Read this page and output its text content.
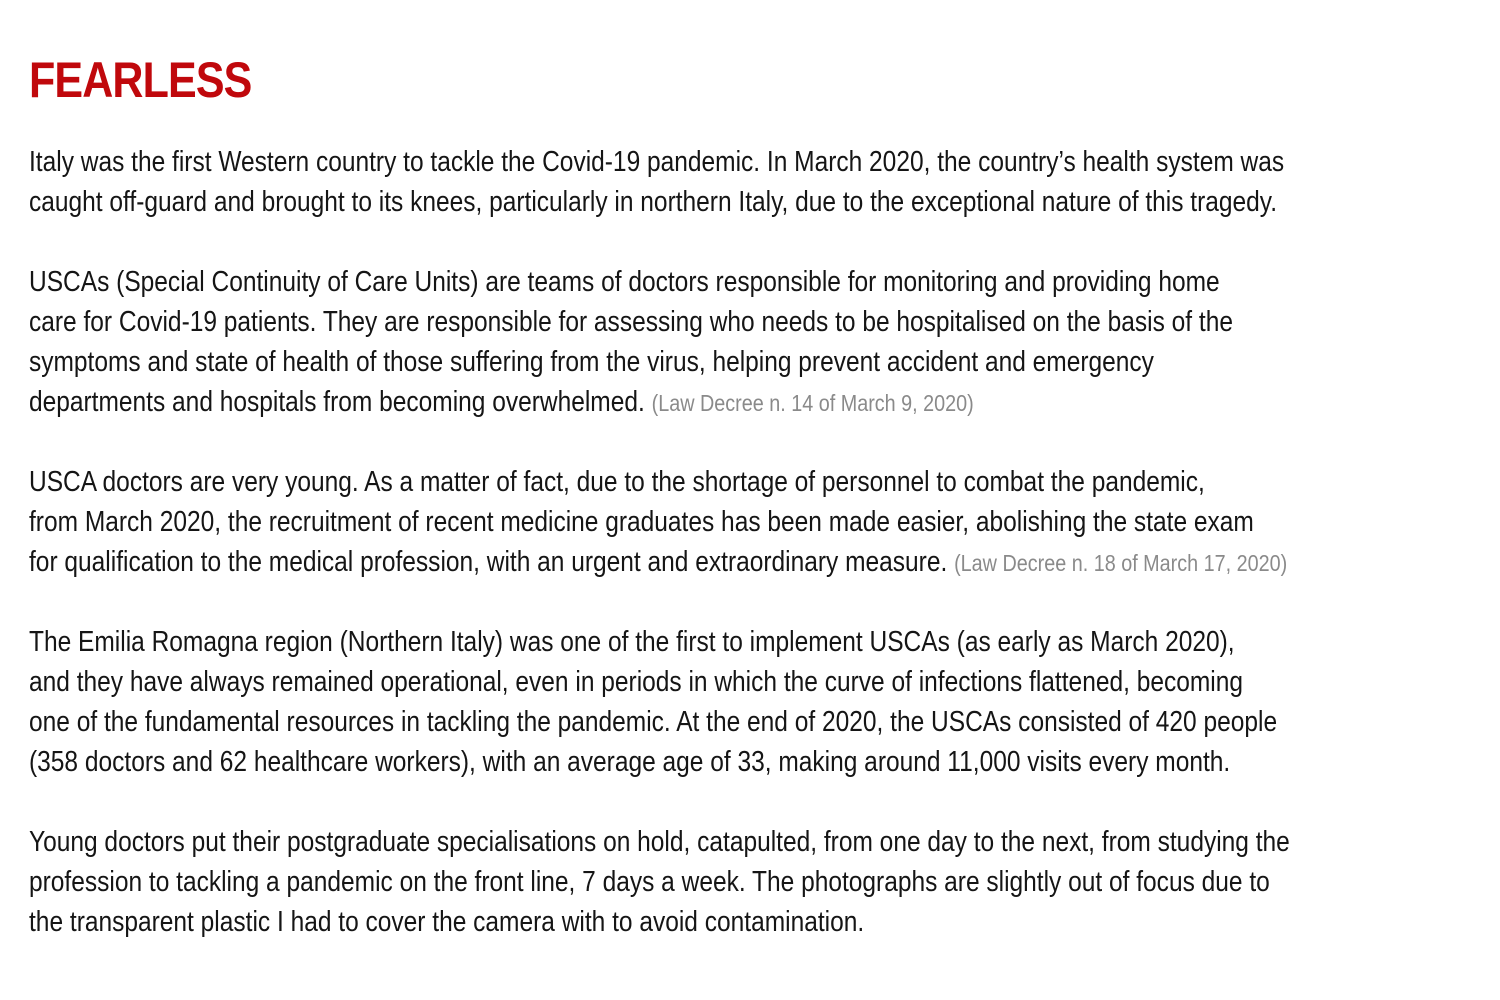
FEARLESS

Italy was the first Western country to tackle the Covid-19 pandemic. In March 2020, the country’s health system was
caught off-guard and brought to its knees, particularly in northern Italy, due to the exceptional nature of this tragedy.

USCAs (Special Continuity of Care Units) are teams of doctors responsible for monitoring and providing home
care for Covid-19 patients. They are responsible for assessing who needs to be hospitalised on the basis of the
symptoms and state of health of those suffering from the virus, helping prevent accident and emergency
departments and hospitals from becoming overwhelmed. (Law Decree n. 14 of March 9, 2020)

USCA doctors are very young. As a matter of fact, due to the shortage of personnel to combat the pandemic,
from March 2020, the recruitment of recent medicine graduates has been made easier, abolishing the state exam
for qualification to the medical profession, with an urgent and extraordinary measure. (Law Decree n. 18 of March 17, 2020)

The Emilia Romagna region (Northern Italy) was one of the first to implement USCAs (as early as March 2020),
and they have always remained operational, even in periods in which the curve of infections flattened, becoming
one of the fundamental resources in tackling the pandemic. At the end of 2020, the USCAs consisted of 420 people
(358 doctors and 62 healthcare workers), with an average age of 33, making around 11,000 visits every month.

Young doctors put their postgraduate specialisations on hold, catapulted, from one day to the next, from studying the
profession to tackling a pandemic on the front line, 7 days a week. The photographs are slightly out of focus due to
the transparent plastic I had to cover the camera with to avoid contamination.
